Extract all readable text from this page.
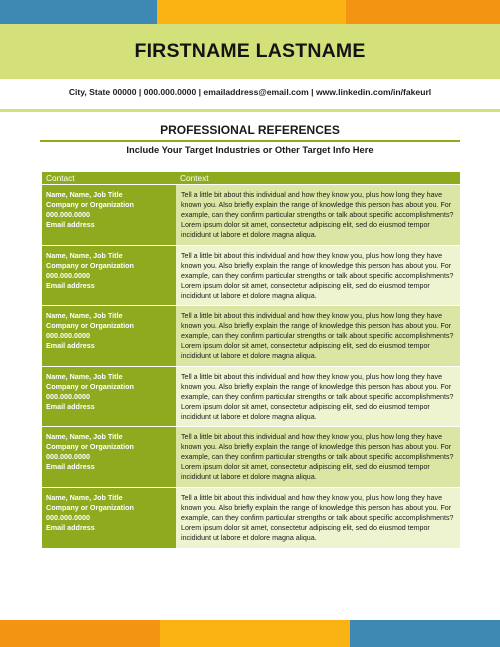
FIRSTNAME LASTNAME
City, State 00000 | 000.000.0000 | emailaddress@email.com | www.linkedin.com/in/fakeurl
PROFESSIONAL REFERENCES
Include Your Target Industries or Other Target Info Here
Contact	Context
Name, Name, Job Title
Company or Organization
000.000.0000
Email address
Tell a little bit about this individual and how they know you, plus how long they have known you. Also briefly explain the range of knowledge this person has about you. For example, can they confirm particular strengths or talk about specific accomplishments? Lorem ipsum dolor sit amet, consectetur adipiscing elit, sed do eiusmod tempor incididunt ut labore et dolore magna aliqua.
Name, Name, Job Title
Company or Organization
000.000.0000
Email address
Tell a little bit about this individual and how they know you, plus how long they have known you. Also briefly explain the range of knowledge this person has about you. For example, can they confirm particular strengths or talk about specific accomplishments? Lorem ipsum dolor sit amet, consectetur adipiscing elit, sed do eiusmod tempor incididunt ut labore et dolore magna aliqua.
Name, Name, Job Title
Company or Organization
000.000.0000
Email address
Tell a little bit about this individual and how they know you, plus how long they have known you. Also briefly explain the range of knowledge this person has about you. For example, can they confirm particular strengths or talk about specific accomplishments? Lorem ipsum dolor sit amet, consectetur adipiscing elit, sed do eiusmod tempor incididunt ut labore et dolore magna aliqua.
Name, Name, Job Title
Company or Organization
000.000.0000
Email address
Tell a little bit about this individual and how they know you, plus how long they have known you. Also briefly explain the range of knowledge this person has about you. For example, can they confirm particular strengths or talk about specific accomplishments? Lorem ipsum dolor sit amet, consectetur adipiscing elit, sed do eiusmod tempor incididunt ut labore et dolore magna aliqua.
Name, Name, Job Title
Company or Organization
000.000.0000
Email address
Tell a little bit about this individual and how they know you, plus how long they have known you. Also briefly explain the range of knowledge this person has about you. For example, can they confirm particular strengths or talk about specific accomplishments? Lorem ipsum dolor sit amet, consectetur adipiscing elit, sed do eiusmod tempor incididunt ut labore et dolore magna aliqua.
Name, Name, Job Title
Company or Organization
000.000.0000
Email address
Tell a little bit about this individual and how they know you, plus how long they have known you. Also briefly explain the range of knowledge this person has about you. For example, can they confirm particular strengths or talk about specific accomplishments? Lorem ipsum dolor sit amet, consectetur adipiscing elit, sed do eiusmod tempor incididunt ut labore et dolore magna aliqua.
